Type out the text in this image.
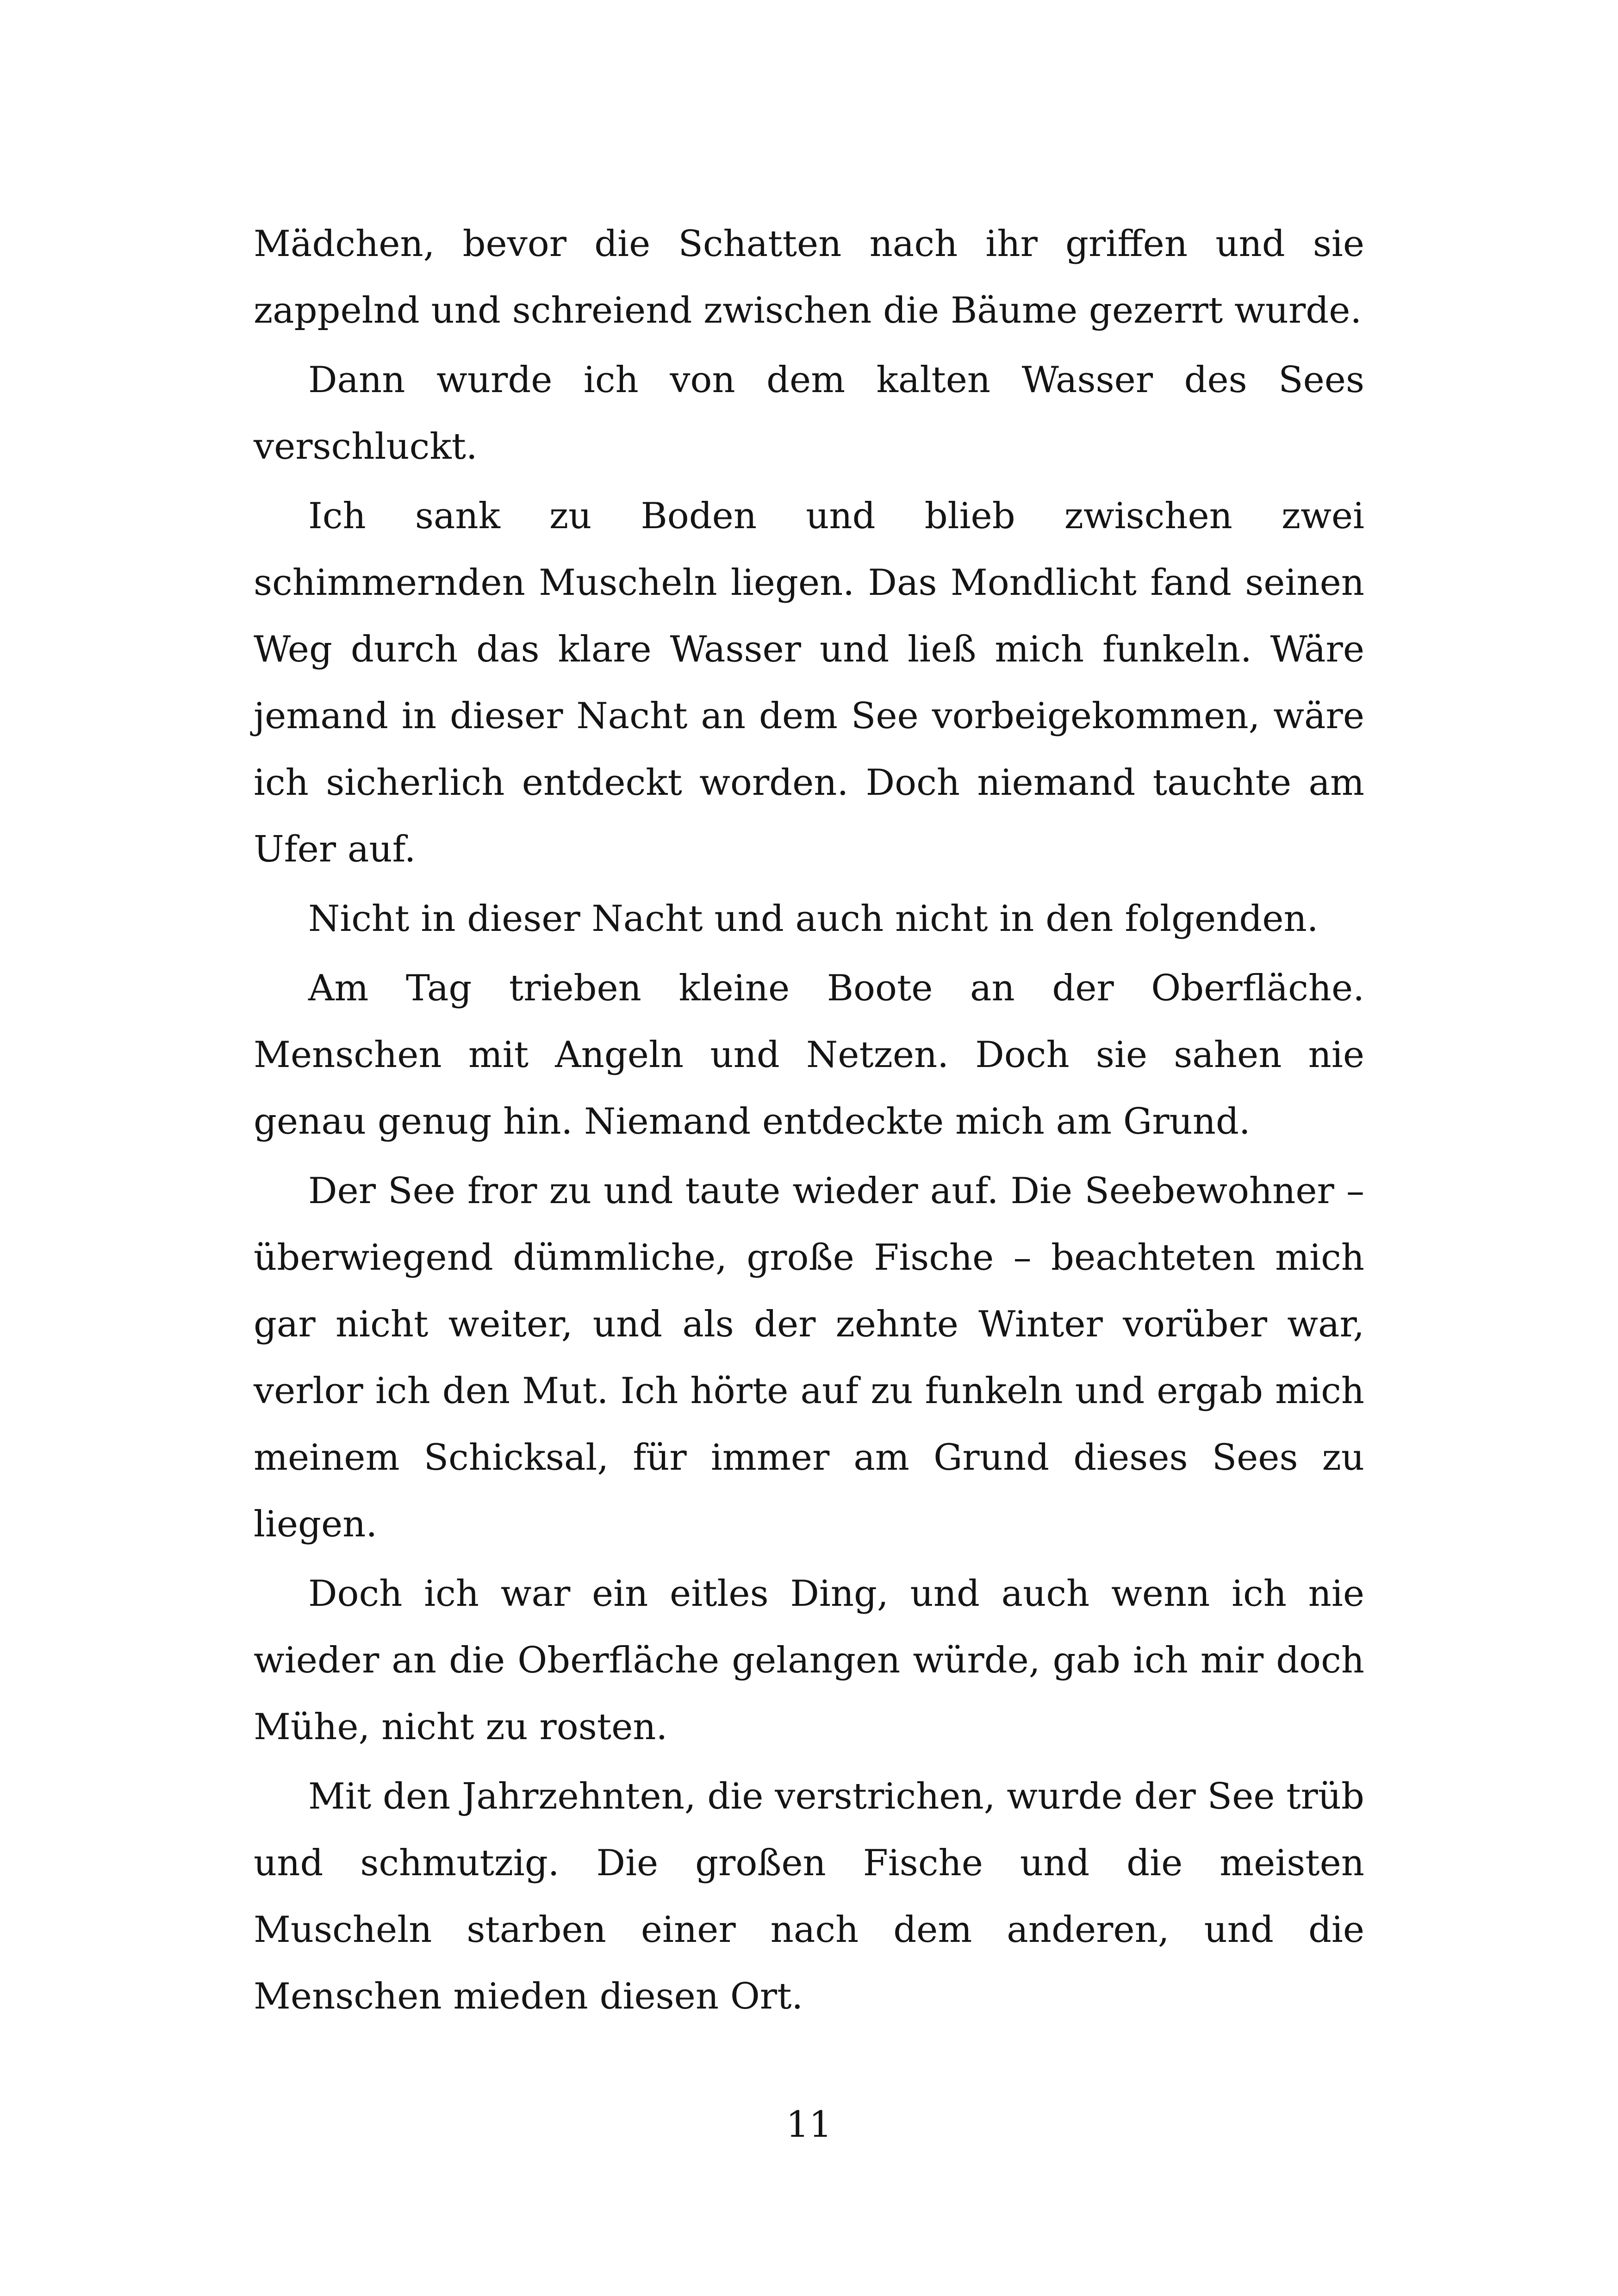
Mädchen, bevor die Schatten nach ihr griffen und sie zappelnd und schreiend zwischen die Bäume gezerrt wurde.

Dann wurde ich von dem kalten Wasser des Sees verschluckt.

Ich sank zu Boden und blieb zwischen zwei schimmernden Muscheln liegen. Das Mondlicht fand seinen Weg durch das klare Wasser und ließ mich funkeln. Wäre jemand in dieser Nacht an dem See vorbeigekommen, wäre ich sicherlich entdeckt worden. Doch niemand tauchte am Ufer auf.

Nicht in dieser Nacht und auch nicht in den folgenden.

Am Tag trieben kleine Boote an der Oberfläche. Menschen mit Angeln und Netzen. Doch sie sahen nie genau genug hin. Niemand entdeckte mich am Grund.

Der See fror zu und taute wieder auf. Die Seebewohner – überwiegend dümmliche, große Fische – beachteten mich gar nicht weiter, und als der zehnte Winter vorüber war, verlor ich den Mut. Ich hörte auf zu funkeln und ergab mich meinem Schicksal, für immer am Grund dieses Sees zu liegen.

Doch ich war ein eitles Ding, und auch wenn ich nie wieder an die Oberfläche gelangen würde, gab ich mir doch Mühe, nicht zu rosten.

Mit den Jahrzehnten, die verstrichen, wurde der See trüb und schmutzig. Die großen Fische und die meisten Muscheln starben einer nach dem anderen, und die Menschen mieden diesen Ort.

11
